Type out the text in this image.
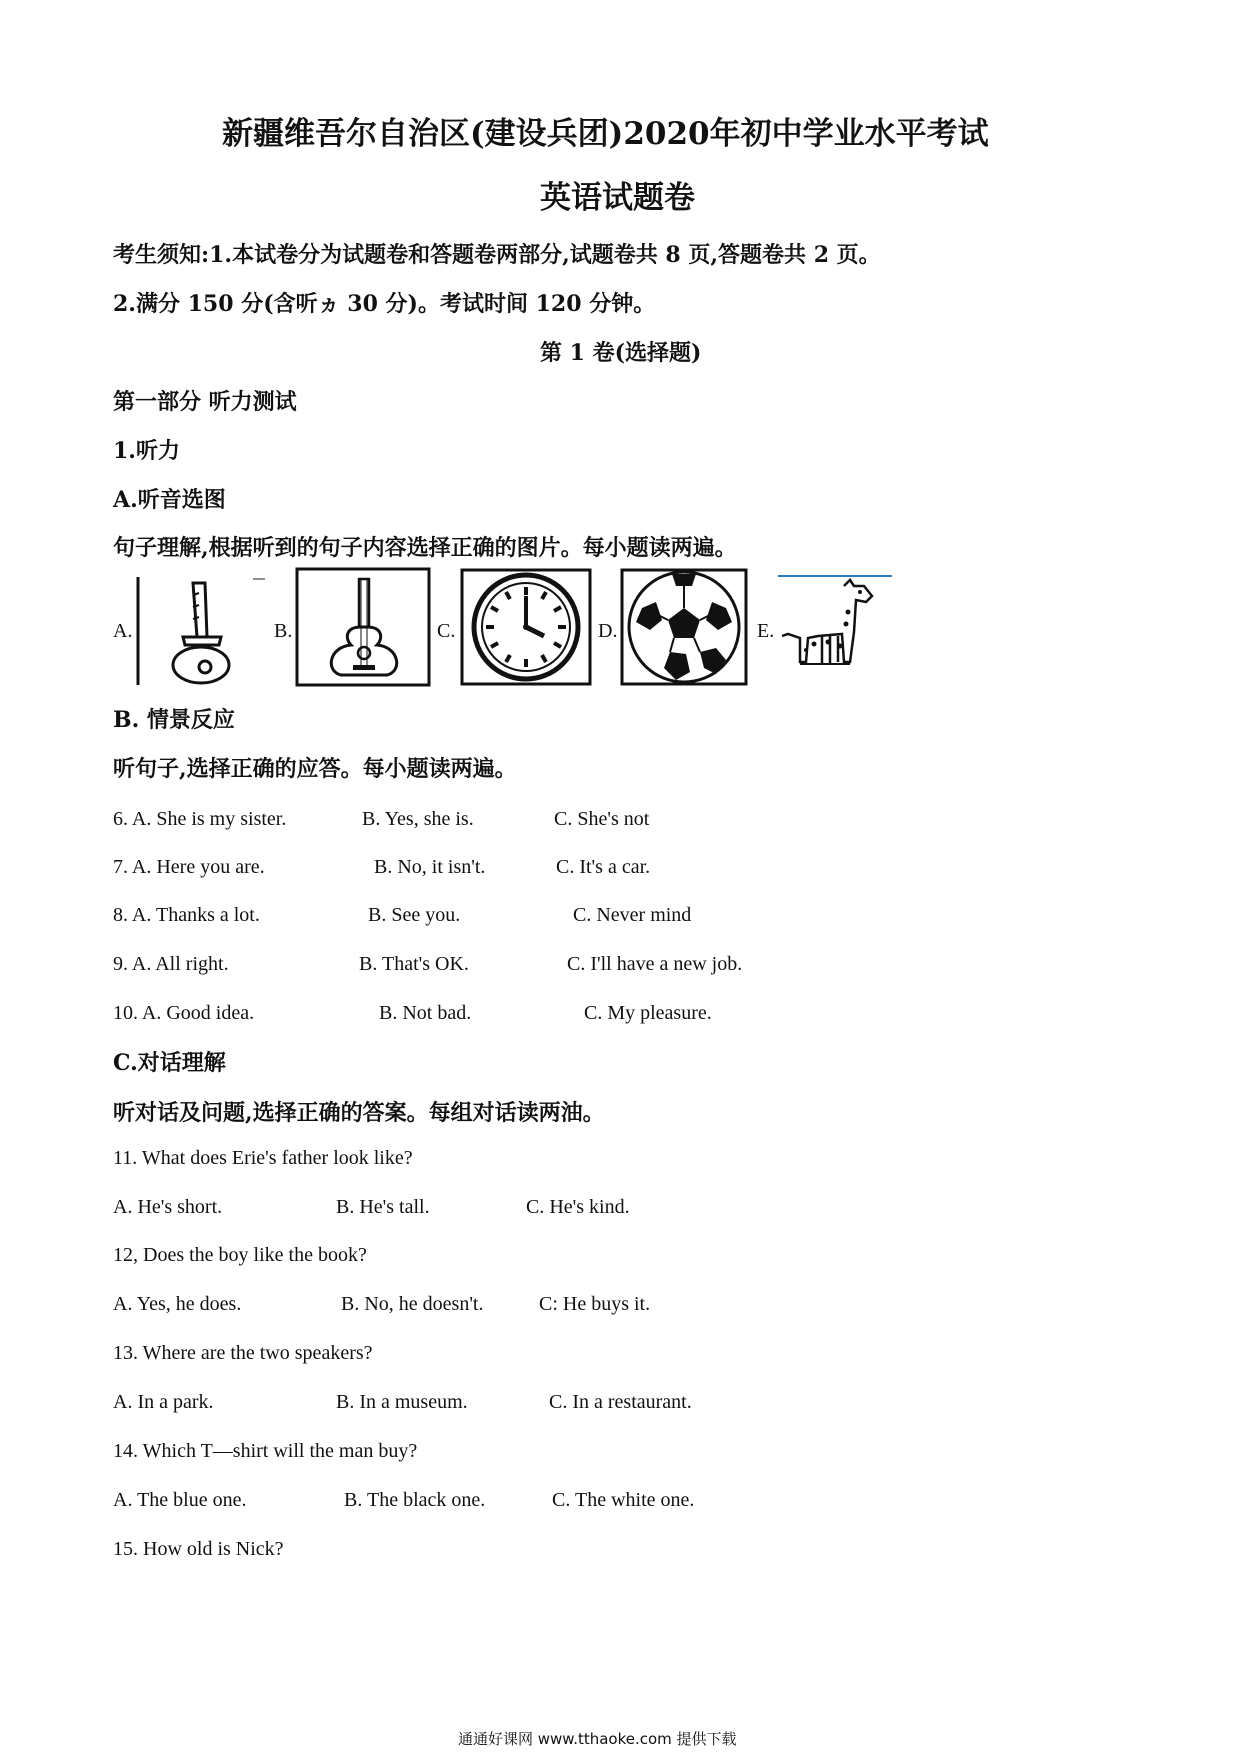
新疆维吾尔自治区(建设兵团)2020年初中学业水平考试
英语试题卷
考生须知:1.本试卷分为试题卷和答题卷两部分,试题卷共 8 页,答题卷共 2 页。
2.满分 150 分(含听ヵ 30 分)。考试时间 120 分钟。
第 1 卷(选择题)
第一部分 听力测试
1.听力
A.听音选图
句子理解,根据听到的句子内容选择正确的图片。每小题读两遍。
A.	B.	C.	D.	E.
B. 情景反应
听句子,选择正确的应答。每小题读两遍。
6. A. She is my sister.	B. Yes, she is.	C. She's not
7. A. Here you are.	B. No, it isn't.	C. It's a car.
8. A. Thanks a lot.	B. See you.	C. Never mind
9. A. All right.	B. That's OK.	C. I'll have a new job.
10. A. Good idea.	B. Not bad.	C. My pleasure.
C.对话理解
听对话及问题,选择正确的答案。每组对话读两油。
11. What does Erie's father look like?
A. He's short.	B. He's tall.	C. He's kind.
12, Does the boy like the book?
A. Yes, he does.	B. No, he doesn't.	C: He buys it.
13. Where are the two speakers?
A. In a park.	B. In a museum.	C. In a restaurant.
14. Which T—shirt will the man buy?
A. The blue one.	B. The black one.	C. The white one.
15. How old is Nick?
通通好课网 www.tthaoke.com 提供下载
